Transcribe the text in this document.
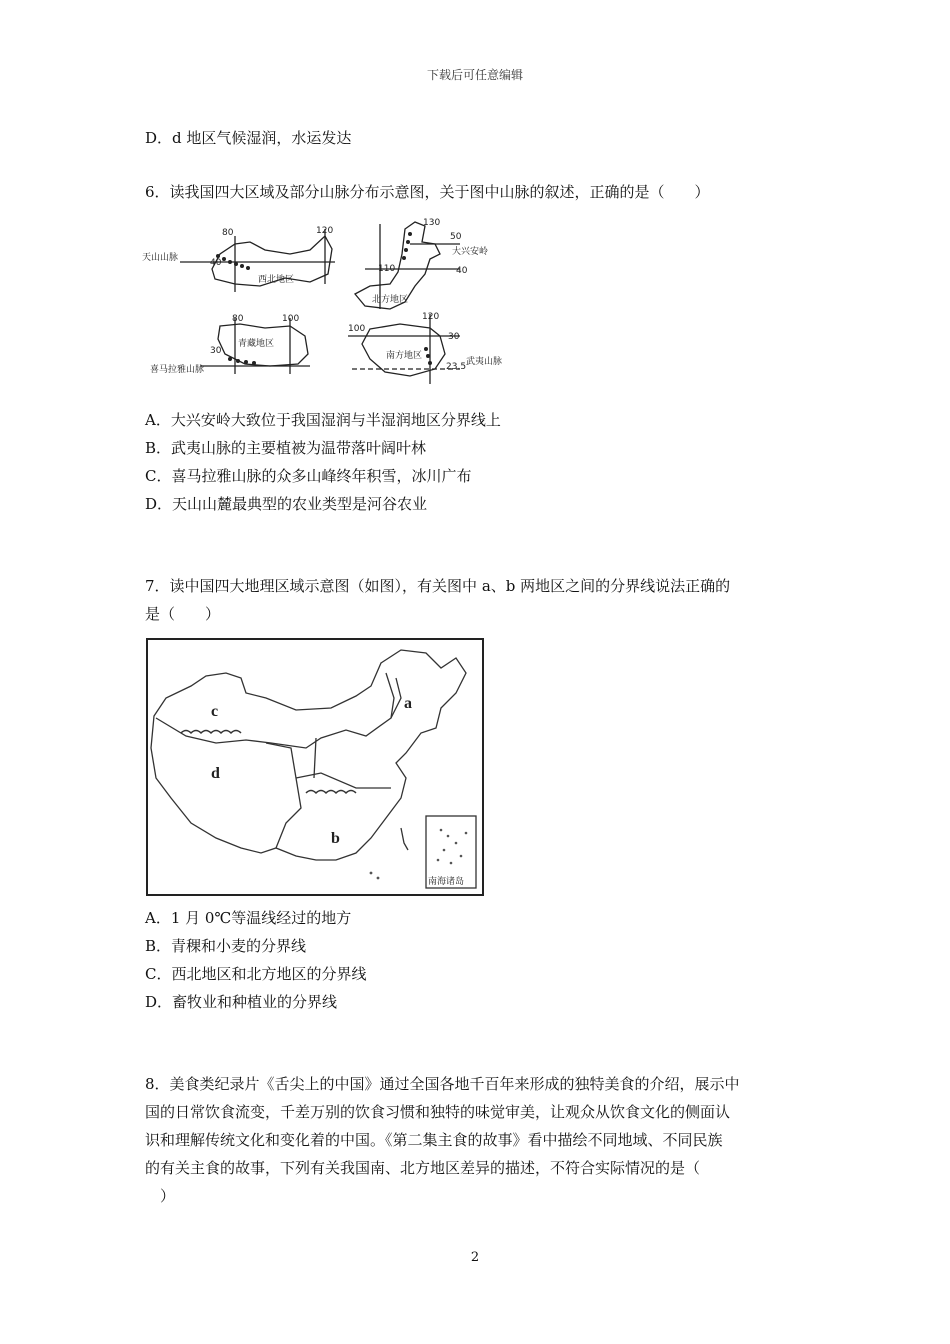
下载后可任意编辑
D．d 地区气候湿润，水运发达
6．读我国四大区域及部分山脉分布示意图，关于图中山脉的叙述，正确的是（　　）
天山山脉
西北地区
80	120
40
大兴安岭
北方地区
130
110
50
40
青藏地区
喜马拉雅山脉
80	100
30	南方地区
武夷山脉
100
120
30
23.5
A．大兴安岭大致位于我国湿润与半湿润地区分界线上
B．武夷山脉的主要植被为温带落叶阔叶林
C．喜马拉雅山脉的众多山峰终年积雪，冰川广布
D．天山山麓最典型的农业类型是河谷农业
7．读中国四大地理区域示意图（如图），有关图中 a、b 两地区之间的分界线说法正确的
是（　　）
a
b
c
d
南海诸岛
A．1 月 0℃等温线经过的地方
B．青稞和小麦的分界线
C．西北地区和北方地区的分界线
D．畜牧业和种植业的分界线
8．美食类纪录片《舌尖上的中国》通过全国各地千百年来形成的独特美食的介绍，展示中
国的日常饮食流变，千差万别的饮食习惯和独特的味觉审美，让观众从饮食文化的侧面认
识和理解传统文化和变化着的中国。《第二集主食的故事》看中描绘不同地域、不同民族
的有关主食的故事，下列有关我国南、北方地区差异的描述，不符合实际情况的是（
）
2
